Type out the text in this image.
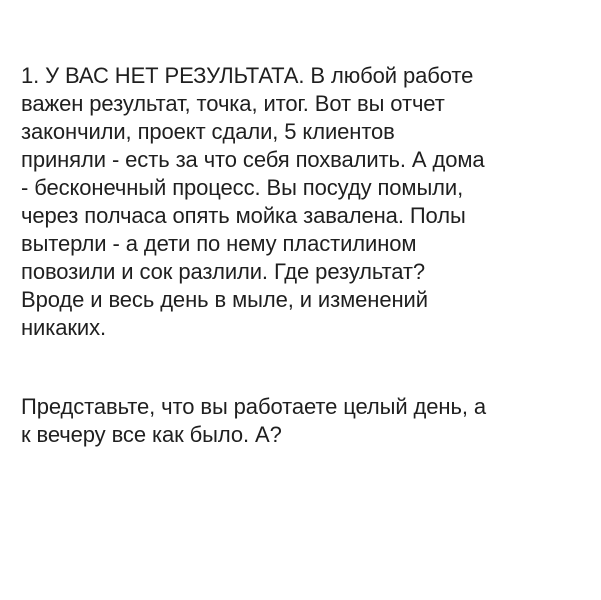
1. У ВАС НЕТ РЕЗУЛЬТАТА. В любой работе
важен результат, точка, итог. Вот вы отчет
закончили, проект сдали, 5 клиентов
приняли - есть за что себя похвалить. А дома
- бесконечный процесс. Вы посуду помыли,
через полчаса опять мойка завалена. Полы
вытерли - а дети по нему пластилином
повозили и сок разлили. Где результат?
Вроде и весь день в мыле, и изменений
никаких.

Представьте, что вы работаете целый день, а
к вечеру все как было. А?
